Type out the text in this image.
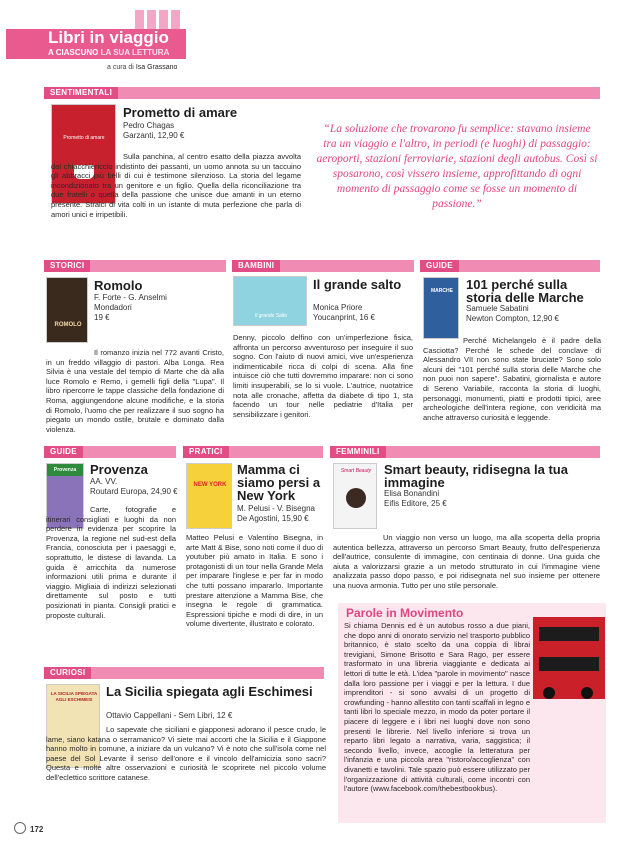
Libri in viaggio
A CIASCUNO LA SUA LETTURA
a cura di Isa Grassano
SENTIMENTALI
Prometto di amare
Prometto di amare
Pedro Chagas
Garzanti, 12,90 €
Sulla panchina, al centro esatto della piazza avvolta dal chiacchiericcio indistinto dei passanti, un uomo annota su un taccuino gli abbracci più belli di cui è testimone silenzioso. La storia del legame incondizionato tra un genitore e un figlio. Quella della riconciliazione tra due fratelli o quella della passione che unisce due amanti in un eterno presente. Stralci di vita colti in un istante di muta perfezione che parla di amori unici e irripetibili.
“La soluzione che trovarono fu semplice: stavano insieme tra un viaggio e l'altro, in periodi (e luoghi) di passaggio: aeroporti, stazioni ferroviarie, stazioni degli autobus. Così si sposarono, così vissero insieme, approfittando di ogni momento di passaggio come se fosse un momento di passione.”
STORICI	BAMBINI	GUIDE
ROMOLO
Romolo
F. Forte - G. Anselmi
Mondadori
19 €
Il romanzo inizia nel 772 avanti Cristo, in un freddo villaggio di pastori. Alba Longa. Rea Silvia è una vestale del tempio di Marte che dà alla luce Romolo e Remo, i gemelli figli della "Lupa". Il libro ripercorre le tappe classiche della fondazione di Roma, aggiungendone alcune modifiche, e la storia di Romolo, l'uomo che per realizzare il suo sogno ha piegato un mondo ostile, brutale e dominato dalla violenza.
Il grande Salto
Il grande salto
Monica Priore
Youcanprint, 16 €
Denny, piccolo delfino con un'imperfezione fisica, affronta un percorso avventuroso per inseguire il suo sogno. Con l'aiuto di nuovi amici, vive un'esperienza indimenticabile ricca di colpi di scena. Alla fine intuisce ciò che tutti dovremmo imparare: non ci sono limiti insuperabili, se lo si vuole. L'autrice, nuotatrice nota alle cronache, affetta da diabete di tipo 1, sta facendo un tour nelle pediatrie d'Italia per sensibilizzare i genitori.
MARCHE	101 perché sulla storia delle Marche
Samuele Sabatini
Newton Compton, 12,90 €
Perché Michelangelo è il padre della Casciotta? Perché le schede del conclave di Alessandro VII non sono state bruciate? Sono solo alcuni dei "101 perché sulla storia delle Marche che non puoi non sapere". Sabatini, giornalista e autore di Sereno Variabile, racconta la storia di luoghi, personaggi, monumenti, piatti e prodotti tipici, aree archeologiche dell'intera regione, con veridicità ma anche attraverso curiosità e leggende.
GUIDE	PRATICI	FEMMINILI
Provenza	Provenza
AA. VV.
Routard Europa, 24,90 €
Carte, fotografie e itinerari consigliati e luoghi da non perdere in evidenza per scoprire la Provenza, la regione nel sud-est della Francia, conosciuta per i paesaggi e, soprattutto, le distese di lavanda. La guida è arricchita da numerose informazioni utili prima e durante il viaggio. Migliaia di indirizzi selezionati direttamente sul posto e tutti posizionati in pianta. Consigli pratici e proposte culturali.
NEW YORK
Mamma ci siamo persi a New York
M. Pelusi - V. Bisegna
De Agostini, 15,90 €
Matteo Pelusi e Valentino Bisegna, in arte Matt & Bise, sono noti come il duo di youtuber più amato in Italia. E sono i protagonisti di un tour nella Grande Mela per imparare l'inglese e per far in modo che tutti possano impararlo. Importante prestare attenzione a Mamma Bise, che insegna le regole di grammatica. Espressioni tipiche e modi di dire, in un volume divertente, illustrato e colorato.
Smart Beauty Smart beauty, ridisegna la tua immagine
Elisa Bonandini
Eifis Editore, 25 €
Un viaggio non verso un luogo, ma alla scoperta della propria autentica bellezza, attraverso un percorso Smart Beauty, frutto dell'esperienza dell'autrice, consulente di immagine, con centinaia di donne. Una guida che aiuta a valorizzarsi grazie a un metodo strutturato in cui l'immagine viene analizzata passo dopo passo, e poi ridisegnata nel suo insieme per ottenere una nuova armonia. Tutto per uno stile personale.
CURIOSI
LA SICILIA SPIEGATA AGLI ESCHIMESI
La Sicilia spiegata agli Eschimesi
Ottavio Cappellani - Sem Libri, 12 €
Lo sapevate che siciliani e giapponesi adorano il pesce crudo, le lame, siano katana o serramanico? Vi siete mai accorti che la Sicilia e il Giappone hanno molto in comune, a iniziare da un vulcano? Vi è noto che sull'isola come nel paese del Sol Levante il senso dell'onore e il vincolo dell'amicizia sono sacri? Questa e molte altre osservazioni e curiosità le scoprirete nel piccolo volume dell'eclettico scrittore catanese.
Parole in Movimento
Si chiama Dennis ed è un autobus rosso a due piani, che dopo anni di onorato servizio nel trasporto pubblico britannico, è stato scelto da una coppia di librai trevigiani, Simone Brisotto e Sara Rago, per essere trasformato in una libreria viaggiante e dedicata ai lettori di tutte le età. L'idea "parole in movimento" nasce dalla loro passione per i viaggi e per la lettura. I due imprenditori - si sono avvalsi di un progetto di crowfunding - hanno allestito con tanti scaffali in legno e tanti libri lo speciale mezzo, in modo da poter portare il piacere di leggere e i libri nei luoghi dove non sono presenti le librerie. Nel livello inferiore si trova un reparto libri legato a narrativa, varia, saggistica; il secondo livello, invece, accoglie la letteratura per l'infanzia e una piccola area "ristoro/accoglienza" con divanetti e tavolini. Tale spazio può essere utilizzato per l'organizzazione di attività culturali, come incontri con l'autore (www.facebook.com/thebestbookbus).
172
